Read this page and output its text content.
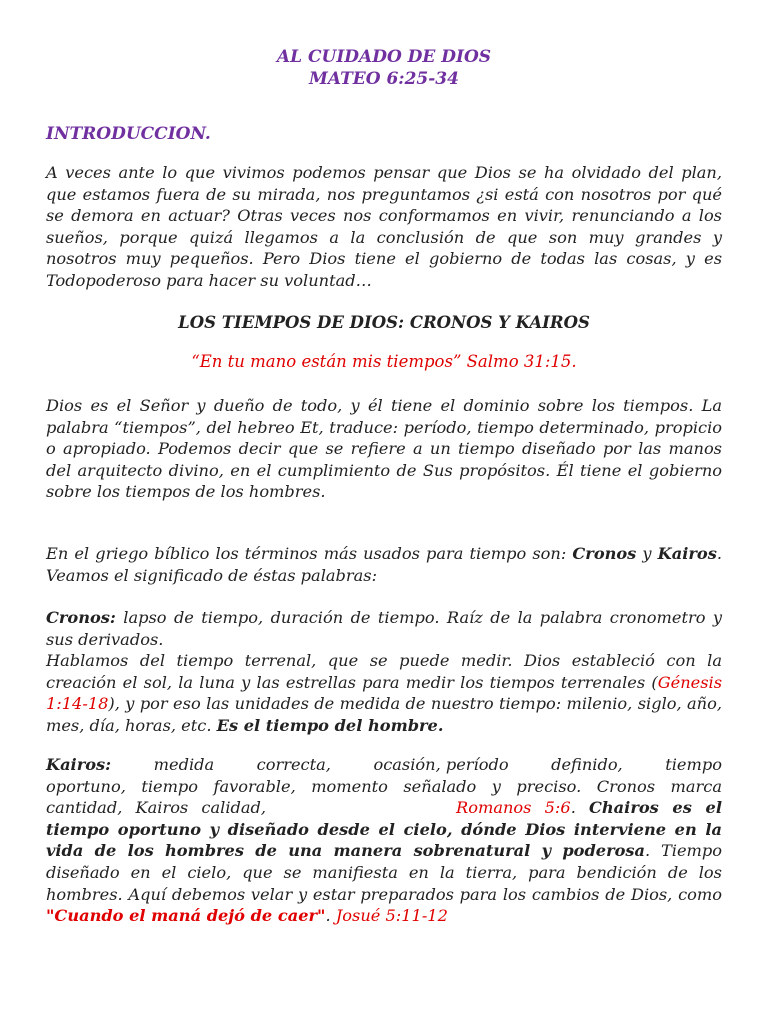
AL CUIDADO DE DIOS
MATEO 6:25-34
INTRODUCCION.
A veces ante lo que vivimos podemos pensar que Dios se ha olvidado del plan, que estamos fuera de su mirada, nos preguntamos ¿si está con nosotros por qué se demora en actuar? Otras veces nos conformamos en vivir, renunciando a los sueños, porque quizá llegamos a la conclusión de que son muy grandes y nosotros muy pequeños. Pero Dios tiene el gobierno de todas las cosas, y es Todopoderoso para hacer su voluntad…
LOS TIEMPOS DE DIOS: CRONOS Y KAIROS
“En tu mano están mis tiempos” Salmo 31:15.
Dios es el Señor y dueño de todo, y él tiene el dominio sobre los tiempos. La palabra “tiempos”, del hebreo Et, traduce: período, tiempo determinado, propicio o apropiado. Podemos decir que se refiere a un tiempo diseñado por las manos del arquitecto divino, en el cumplimiento de Sus propósitos. Él tiene el gobierno sobre los tiempos de los hombres.
En el griego bíblico los términos más usados para tiempo son: Cronos y Kairos. Veamos el significado de éstas palabras:
Cronos: lapso de tiempo, duración de tiempo. Raíz de la palabra cronometro y sus derivados.
Hablamos del tiempo terrenal, que se puede medir. Dios estableció con la creación el sol, la luna y las estrellas para medir los tiempos terrenales (Génesis 1:14-18), y por eso las unidades de medida de nuestro tiempo: milenio, siglo, año, mes, día, horas, etc. Es el tiempo del hombre.
Kairos:	medida	correcta,	ocasión, período	definido,	tiempo
oportuno, tiempo favorable, momento señalado y preciso. Cronos marca
cantidad, Kairos calidad,	Romanos 5:6. Chairos es el tiempo oportuno y diseñado desde el cielo, dónde Dios interviene en la vida de los hombres de una manera sobrenatural y poderosa. Tiempo diseñado en el cielo, que se manifiesta en la tierra, para bendición de los hombres. Aquí debemos velar y estar preparados para los cambios de Dios, como "Cuando el maná dejó de caer". Josué 5:11-12
